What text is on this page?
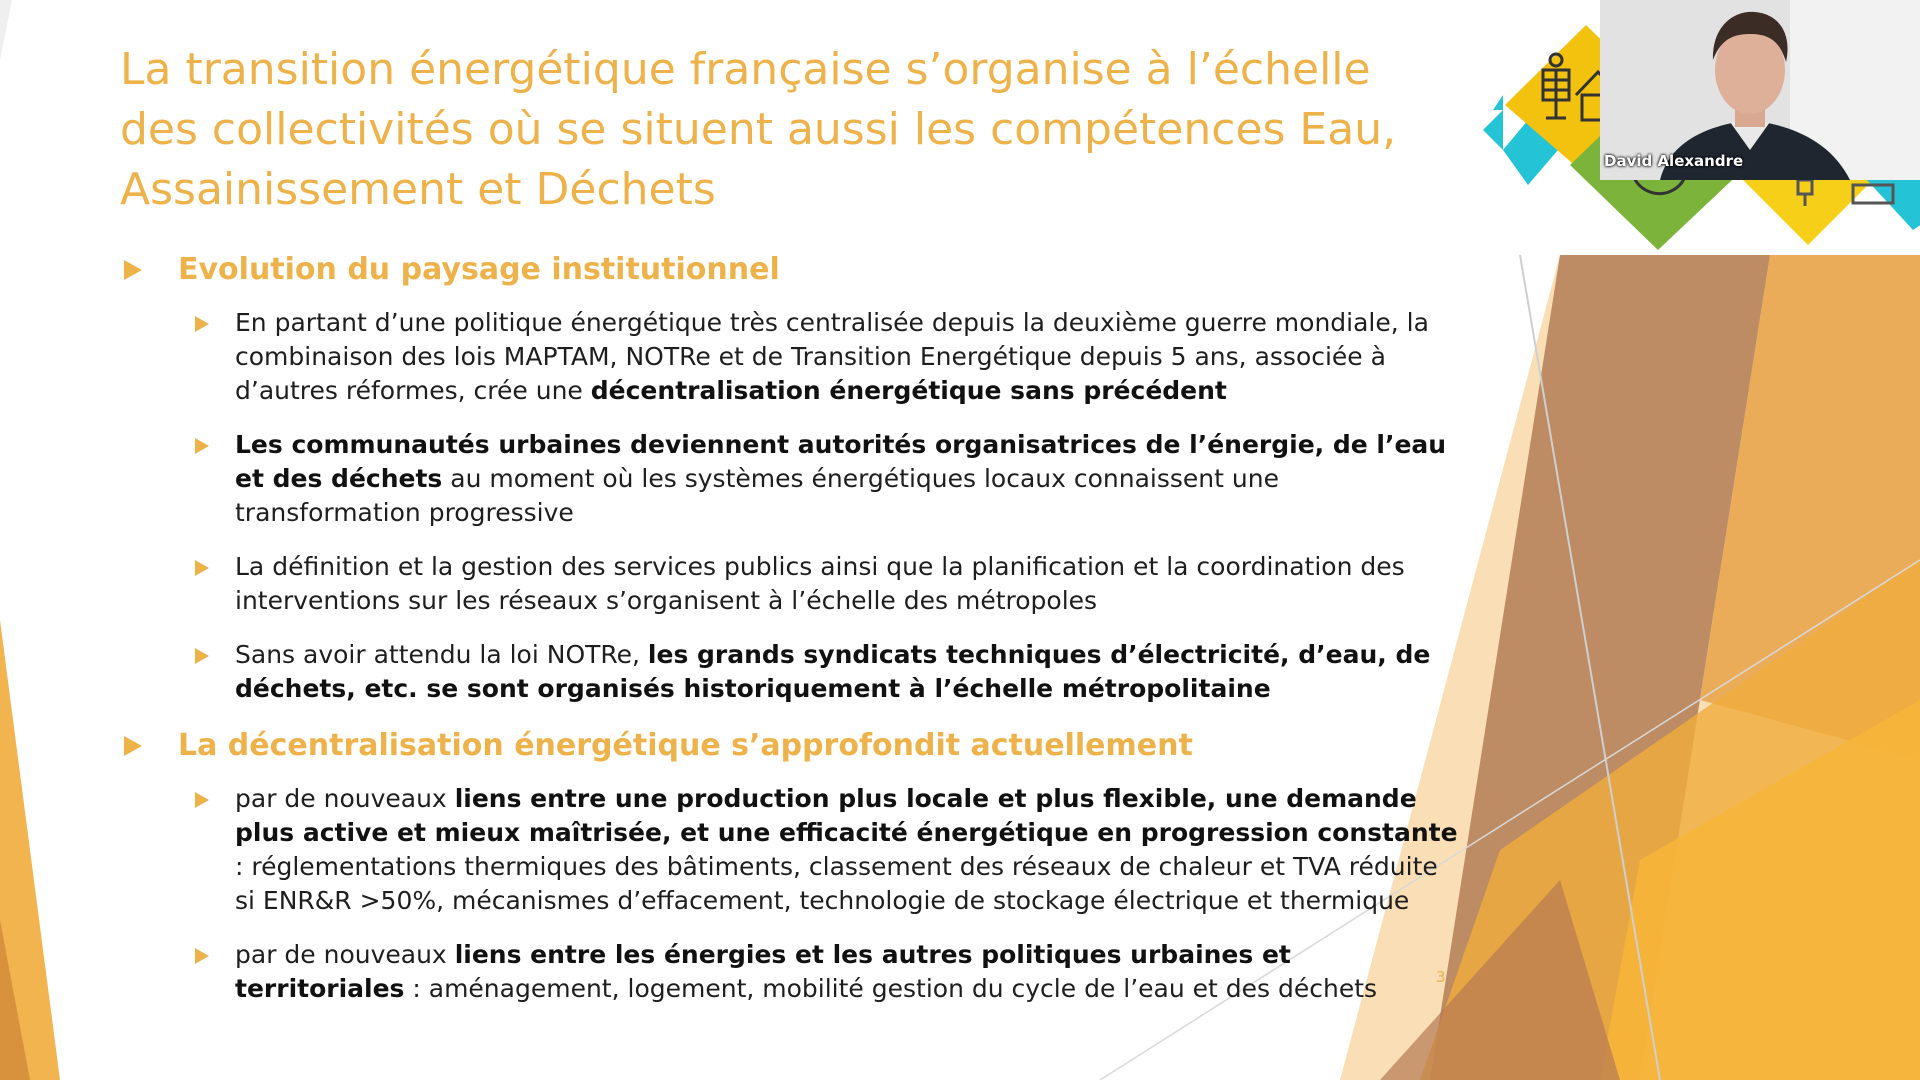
David Alexandre
La transition énergétique française s’organise à l’échelle
des collectivités où se situent aussi les compétences Eau,
Assainissement et Déchets
Evolution du paysage institutionnel
En partant d’une politique énergétique très centralisée depuis la deuxième guerre mondiale, la combinaison des lois MAPTAM, NOTRe et de Transition Energétique depuis 5 ans, associée à d’autres réformes, crée une décentralisation énergétique sans précédent
Les communautés urbaines deviennent autorités organisatrices de l’énergie, de l’eau et des déchets au moment où les systèmes énergétiques locaux connaissent une transformation progressive
La définition et la gestion des services publics ainsi que la planification et la coordination des interventions sur les réseaux s’organisent à l’échelle des métropoles
Sans avoir attendu la loi NOTRe, les grands syndicats techniques d’électricité, d’eau, de déchets, etc. se sont organisés historiquement à l’échelle métropolitaine
La décentralisation énergétique s’approfondit actuellement
par de nouveaux liens entre une production plus locale et plus flexible, une demande plus active et mieux maîtrisée, et une efficacité énergétique en progression constante : réglementations thermiques des bâtiments, classement des réseaux de chaleur et TVA réduite si ENR&R >50%, mécanismes d’effacement, technologie de stockage électrique et thermique
par de nouveaux liens entre les énergies et les autres politiques urbaines et territoriales : aménagement, logement, mobilité gestion du cycle de l’eau et des déchets	3
